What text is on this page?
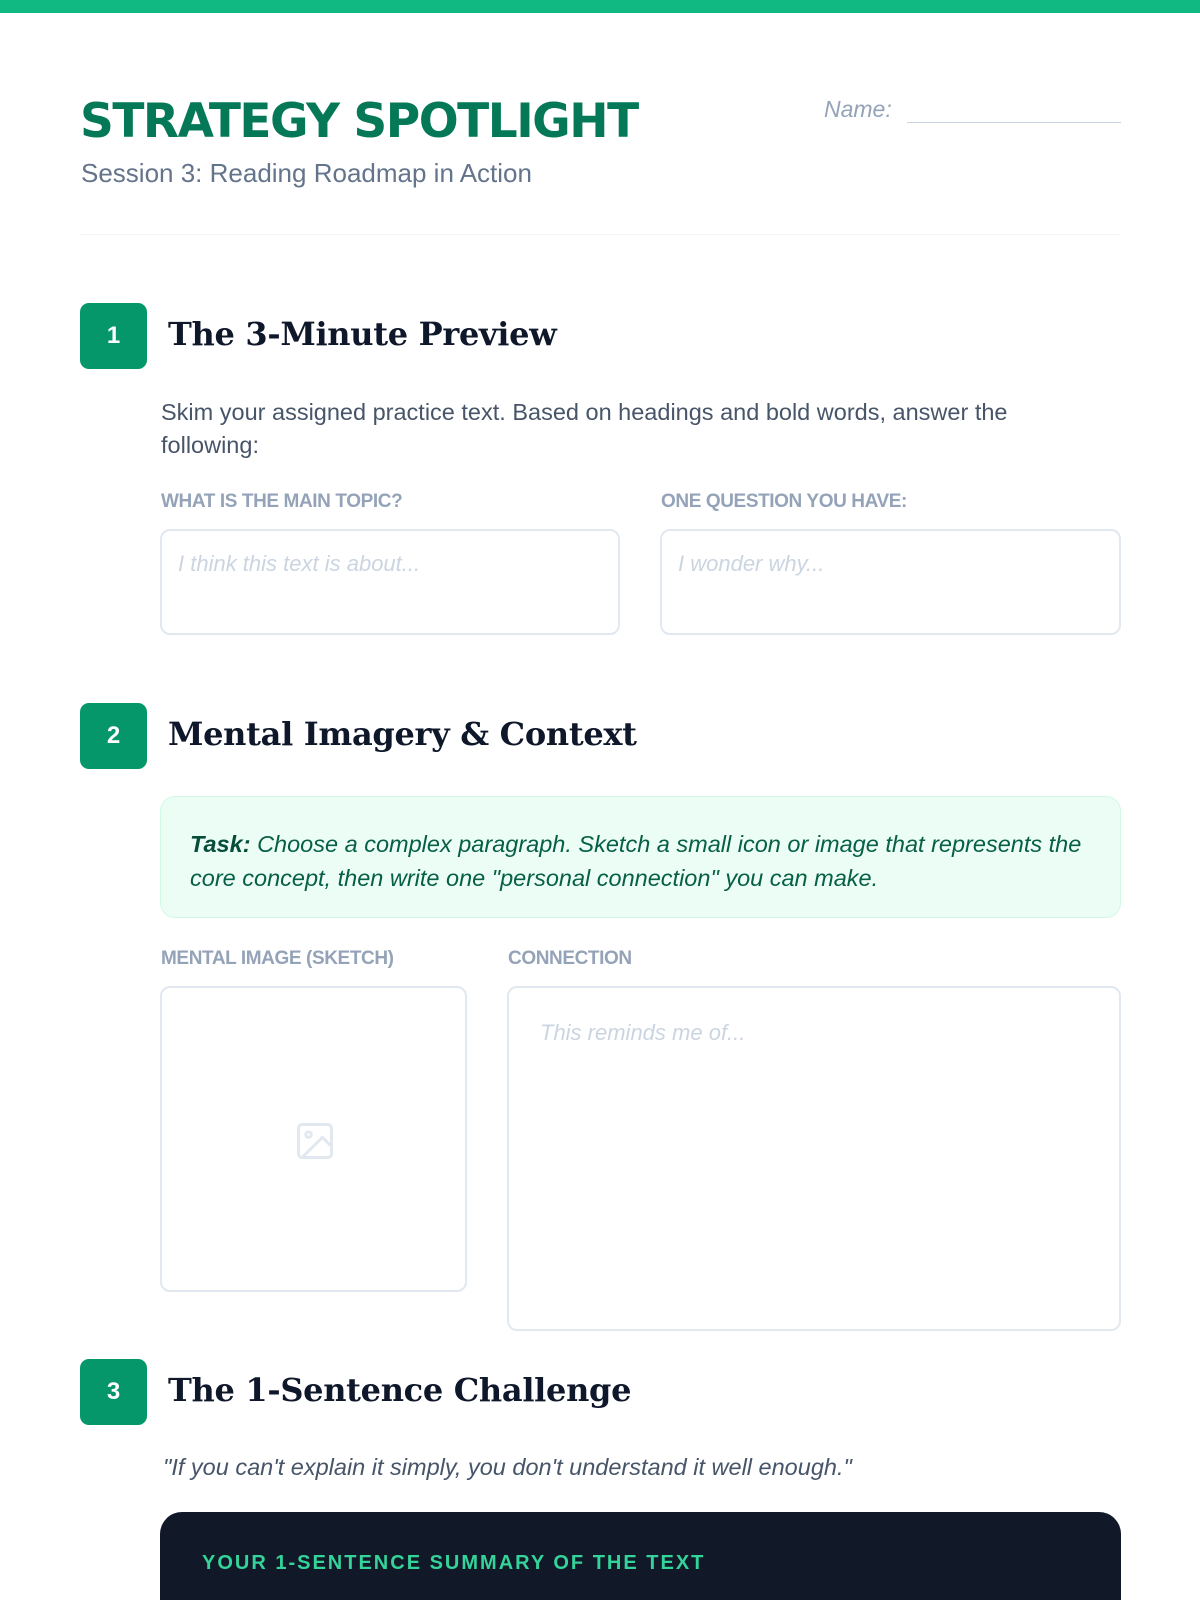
STRATEGY SPOTLIGHT
Session 3: Reading Roadmap in Action
Name:
1	The 3-Minute Preview
Skim your assigned practice text. Based on headings and bold words, answer the following:
WHAT IS THE MAIN TOPIC?
I think this text is about...
ONE QUESTION YOU HAVE:
I wonder why...
2	Mental Imagery & Context
Task: Choose a complex paragraph. Sketch a small icon or image that represents the core concept, then write one "personal connection" you can make.
MENTAL IMAGE (SKETCH)	CONNECTION
This reminds me of...
3	The 1-Sentence Challenge
"If you can't explain it simply, you don't understand it well enough."
YOUR 1-SENTENCE SUMMARY OF THE TEXT
